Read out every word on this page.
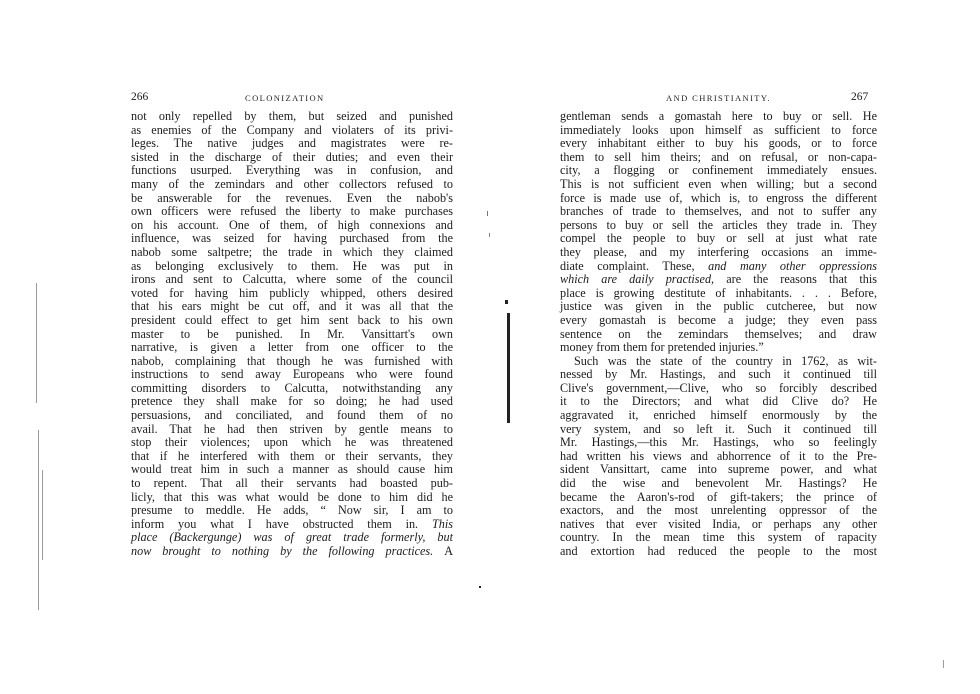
266	COLONIZATION
not only repelled by them, but seized and punished
as enemies of the Company and violaters of its privi-
leges. The native judges and magistrates were re-
sisted in the discharge of their duties; and even their
functions usurped. Everything was in confusion, and
many of the zemindars and other collectors refused to
be answerable for the revenues. Even the nabob's
own officers were refused the liberty to make purchases
on his account. One of them, of high connexions and
influence, was seized for having purchased from the
nabob some saltpetre; the trade in which they claimed
as belonging exclusively to them. He was put in
irons and sent to Calcutta, where some of the council
voted for having him publicly whipped, others desired
that his ears might be cut off, and it was all that the
president could effect to get him sent back to his own
master to be punished. In Mr. Vansittart's own
narrative, is given a letter from one officer to the
nabob, complaining that though he was furnished with
instructions to send away Europeans who were found
committing disorders to Calcutta, notwithstanding any
pretence they shall make for so doing; he had used
persuasions, and conciliated, and found them of no
avail. That he had then striven by gentle means to
stop their violences; upon which he was threatened
that if he interfered with them or their servants, they
would treat him in such a manner as should cause him
to repent. That all their servants had boasted pub-
licly, that this was what would be done to him did he
presume to meddle. He adds, “ Now sir, I am to
inform you what I have obstructed them in. This
place (Backergunge) was of great trade formerly, but
now brought to nothing by the following practices. A
AND CHRISTIANITY.	267
gentleman sends a gomastah here to buy or sell. He
immediately looks upon himself as sufficient to force
every inhabitant either to buy his goods, or to force
them to sell him theirs; and on refusal, or non-capa-
city, a flogging or confinement immediately ensues.
This is not sufficient even when willing; but a second
force is made use of, which is, to engross the different
branches of trade to themselves, and not to suffer any
persons to buy or sell the articles they trade in. They
compel the people to buy or sell at just what rate
they please, and my interfering occasions an imme-
diate complaint. These, and many other oppressions
which are daily practised, are the reasons that this
place is growing destitute of inhabitants. . . . Before,
justice was given in the public cutcheree, but now
every gomastah is become a judge; they even pass
sentence on the zemindars themselves; and draw
money from them for pretended injuries.”
Such was the state of the country in 1762, as wit-
nessed by Mr. Hastings, and such it continued till
Clive's government,—Clive, who so forcibly described
it to the Directors; and what did Clive do? He
aggravated it, enriched himself enormously by the
very system, and so left it. Such it continued till
Mr. Hastings,—this Mr. Hastings, who so feelingly
had written his views and abhorrence of it to the Pre-
sident Vansittart, came into supreme power, and what
did the wise and benevolent Mr. Hastings? He
became the Aaron's-rod of gift-takers; the prince of
exactors, and the most unrelenting oppressor of the
natives that ever visited India, or perhaps any other
country. In the mean time this system of rapacity
and extortion had reduced the people to the most
